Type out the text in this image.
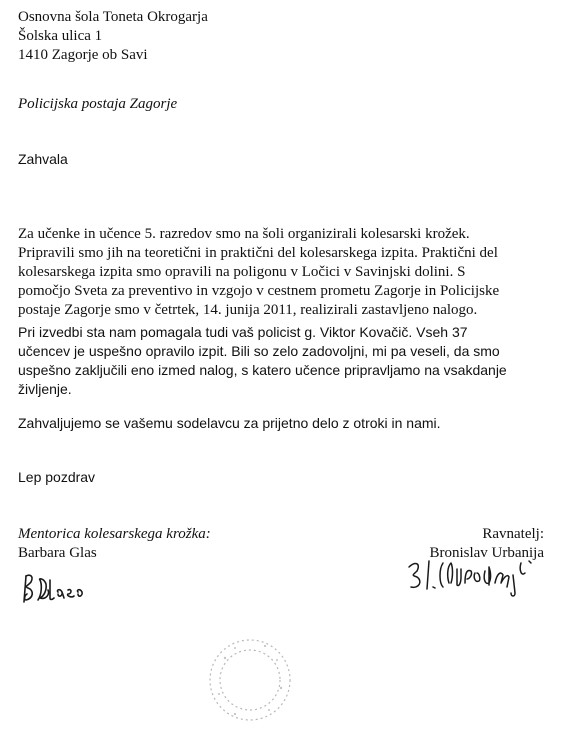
Osnovna šola Toneta Okrogarja
Šolska ulica 1
1410 Zagorje ob Savi
Policijska postaja Zagorje
Zahvala
Za učenke in učence 5. razredov smo na šoli organizirali kolesarski krožek.
Pripravili smo jih na teoretični in praktični del kolesarskega izpita. Praktični del
kolesarskega izpita smo opravili na poligonu v Ločici v Savinjski dolini. S
pomočjo Sveta za preventivo in vzgojo v cestnem prometu Zagorje in Policijske
postaje Zagorje smo v četrtek, 14. junija 2011, realizirali zastavljeno nalogo.
Pri izvedbi sta nam pomagala tudi vaš policist g. Viktor Kovačič. Vseh 37
učencev je uspešno opravilo izpit. Bili so zelo zadovoljni, mi pa veseli, da smo
uspešno zaključili eno izmed nalog, s katero učence pripravljamo na vsakdanje
življenje.
Zahvaljujemo se vašemu sodelavcu za prijetno delo z otroki in nami.
Lep pozdrav
Mentorica kolesarskega krožka:
Barbara Glas
Ravnatelj:
Bronislav Urbanija
